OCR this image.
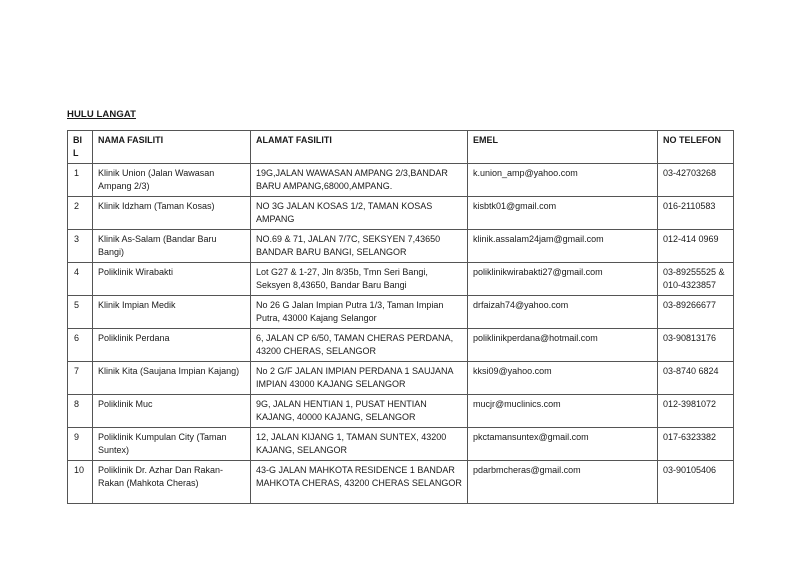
HULU LANGAT
BIL	NAMA FASILITI	ALAMAT FASILITI	EMEL	NO TELEFON
1	Klinik Union (Jalan Wawasan Ampang 2/3)	19G,JALAN WAWASAN AMPANG 2/3,BANDAR BARU AMPANG,68000,AMPANG.	k.union_amp@yahoo.com	03-42703268

2	Klinik Idzham (Taman Kosas)	NO 3G JALAN KOSAS 1/2, TAMAN KOSAS AMPANG	kisbtk01@gmail.com	016-2110583

3	Klinik As-Salam (Bandar Baru Bangi)	NO.69 & 71, JALAN 7/7C, SEKSYEN 7,43650 BANDAR BARU BANGI, SELANGOR	klinik.assalam24jam@gmail.com	012-414 0969

4	Poliklinik Wirabakti	Lot G27 & 1-27, Jln 8/35b, Tmn Seri Bangi, Seksyen 8,43650, Bandar Baru Bangi	poliklinikwirabakti27@gmail.com	03-89255525 &
010-4323857

5	Klinik Impian Medik	No 26 G Jalan Impian Putra 1/3, Taman Impian Putra, 43000 Kajang Selangor	drfaizah74@yahoo.com	03-89266677

6	Poliklinik Perdana	6, JALAN CP 6/50, TAMAN CHERAS PERDANA, 43200 CHERAS, SELANGOR	poliklinikperdana@hotmail.com	03-90813176

7	Klinik Kita (Saujana Impian Kajang)	No 2 G/F JALAN IMPIAN PERDANA 1 SAUJANA IMPIAN 43000 KAJANG SELANGOR	kksi09@yahoo.com	03-8740 6824

8	Poliklinik Muc	9G, JALAN HENTIAN 1, PUSAT HENTIAN KAJANG, 40000 KAJANG, SELANGOR	mucjr@muclinics.com	012-3981072

9	Poliklinik Kumpulan City (Taman Suntex)	12, JALAN KIJANG 1, TAMAN SUNTEX, 43200 KAJANG, SELANGOR	pkctamansuntex@gmail.com	017-6323382

10	Poliklinik Dr. Azhar Dan Rakan-Rakan (Mahkota Cheras)	43-G JALAN MAHKOTA RESIDENCE 1 BANDAR MAHKOTA CHERAS, 43200 CHERAS SELANGOR	pdarbmcheras@gmail.com	03-90105406
